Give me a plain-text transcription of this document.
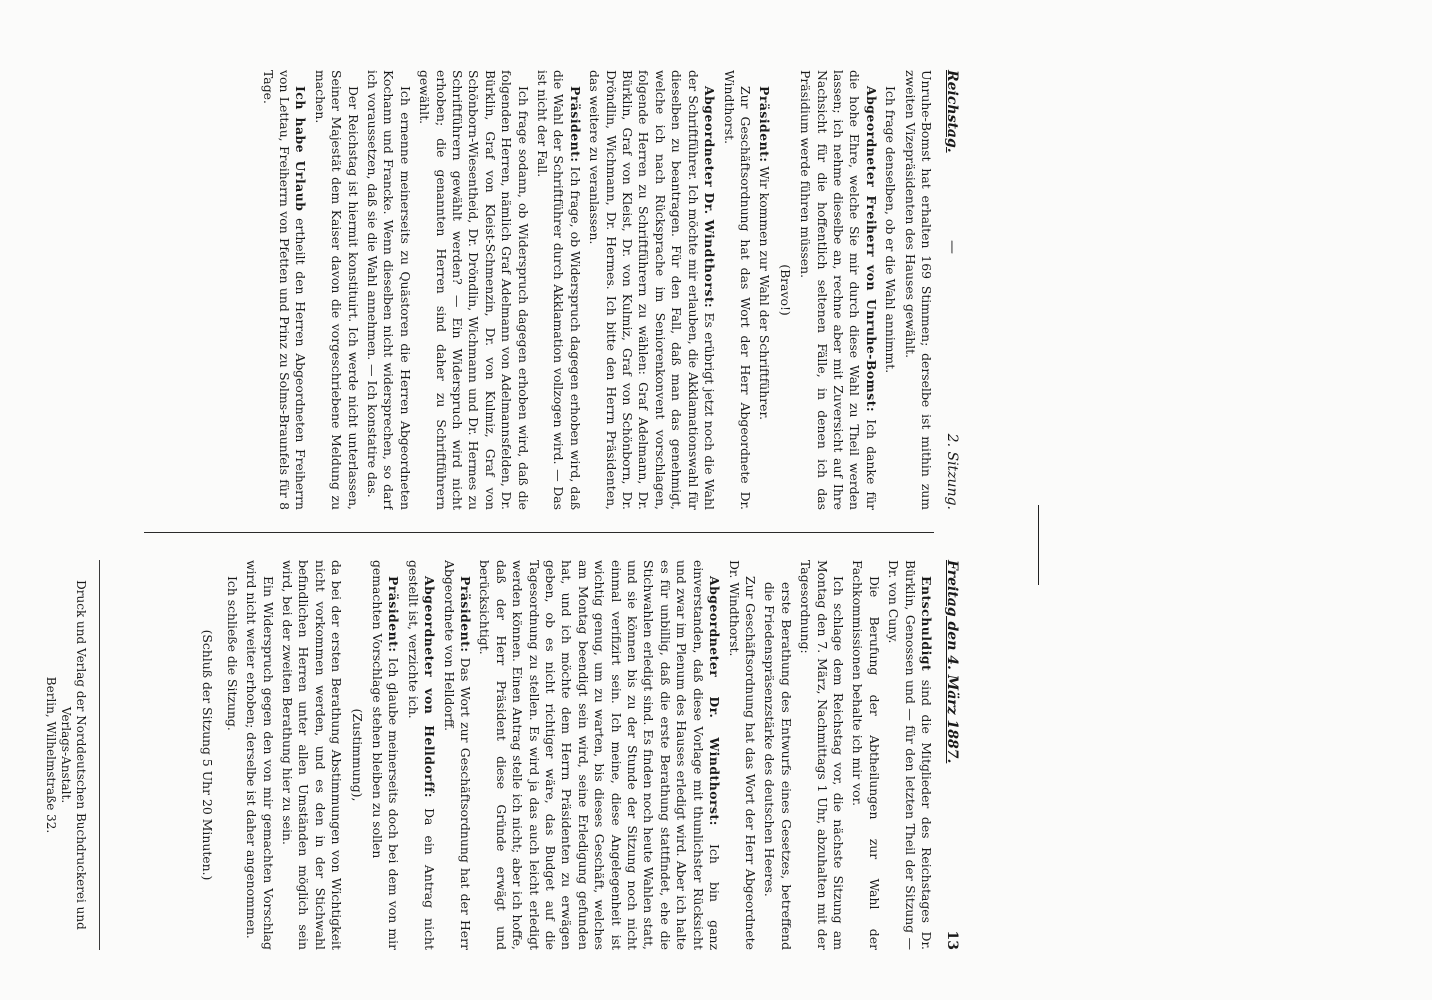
Reichstag.
—
2. Sitzung.
Freitag den 4. März 1887.
13

Unruhe-Bomst hat erhalten 169 Stimmen; derselbe ist mithin zum zweiten Vizepräsidenten des Hauses gewählt.

Ich frage denselben, ob er die Wahl annimmt.

Abgeordneter Freiherr von Unruhe-Bomst: Ich danke für die hohe Ehre, welche Sie mir durch diese Wahl zu Theil werden lassen; ich nehme dieselbe an, rechne aber mit Zuversicht auf Ihre Nachsicht für die hoffentlich seltenen Fälle, in denen ich das Präsidium werde führen müssen.

(Bravo!)

Präsident: Wir kommen zur Wahl der Schriftführer.

Zur Geschäftsordnung hat das Wort der Herr Abgeordnete Dr. Windthorst.

Abgeordneter Dr. Windthorst: Es erübrigt jetzt noch die Wahl der Schriftführer. Ich möchte mir erlauben, die Akklamationswahl für dieselben zu beantragen. Für den Fall, daß man das genehmigt, welche ich nach Rücksprache im Seniorenkonvent vorschlagen, folgende Herren zu Schriftführern zu wählen: Graf Adelmann, Dr. Bürklin, Graf von Kleist, Dr. von Kulmiz, Graf von Schönborn, Dr. Dröndlin, Wichmann, Dr. Hermes. Ich bitte den Herrn Präsidenten, das weitere zu veranlassen.

Präsident: Ich frage, ob Widerspruch dagegen erhoben wird, daß die Wahl der Schriftführer durch Akklamation vollzogen wird. — Das ist nicht der Fall.

Ich frage sodann, ob Widerspruch dagegen erhoben wird, daß die folgenden Herren, nämlich Graf Adelmann von Adelmannsfelden, Dr. Bürklin, Graf von Kleist-Schmenzin, Dr. von Kulmiz, Graf von Schönborn-Wiesentheid, Dr. Dröndlin, Wichmann und Dr. Hermes zu Schriftführern gewählt werden? — Ein Widerspruch wird nicht erhoben; die genannten Herren sind daher zu Schriftführern gewählt.

Ich ernenne meinerseits zu Quästoren die Herren Abgeordneten Kochann und Francke. Wenn dieselben nicht widersprechen, so darf ich voraussetzen, daß sie die Wahl annehmen. — Ich konstatire das.

Der Reichstag ist hiermit konstituirt. Ich werde nicht unterlassen, Seiner Majestät dem Kaiser davon die vorgeschriebene Meldung zu machen.

Ich habe Urlaub ertheilt den Herren Abgeordneten Freiherrn von Lettau, Freiherrn von Pfetten und Prinz zu Solms-Braunfels für 8 Tage.

Entschuldigt sind die Mitglieder des Reichstages Dr. Bürklin, Genossen und — für den letzten Theil der Sitzung — Dr. von Cuny.

Die Berufung der Abtheilungen zur Wahl der Fachkommissionen behalte ich mir vor.

Ich schlage dem Reichstag vor, die nächste Sitzung am Montag den 7. März, Nachmittags 1 Uhr, abzuhalten mit der Tagesordnung:

erste Berathung des Entwurfs eines Gesetzes, betreffend die Friedenspräsenzstärke des deutschen Heeres.

Zur Geschäftsordnung hat das Wort der Herr Abgeordnete Dr. Windthorst.

Abgeordneter Dr. Windthorst: Ich bin ganz einverstanden, daß diese Vorlage mit thunlichster Rücksicht und zwar im Plenum des Hauses erledigt wird. Aber ich halte es für unbillig, daß die erste Berathung stattfindet, ehe die Stichwahlen erledigt sind. Es finden noch heute Wahlen statt, und sie können bis zu der Stunde der Sitzung noch nicht einmal verifizirt sein. Ich meine, diese Angelegenheit ist wichtig genug, um zu warten, bis dieses Geschäft, welches am Montag beendigt sein wird, seine Erledigung gefunden hat, und ich möchte dem Herrn Präsidenten zu erwägen geben, ob es nicht richtiger wäre, das Budget auf die Tagesordnung zu stellen. Es wird ja das auch leicht erledigt werden können. Einen Antrag stelle ich nicht; aber ich hoffe, daß der Herr Präsident diese Gründe erwägt und berücksichtigt.

Präsident: Das Wort zur Geschäftsordnung hat der Herr Abgeordnete von Helldorff.

Abgeordneter von Helldorff: Da ein Antrag nicht gestellt ist, verzichte ich.

Präsident: Ich glaube meinerseits doch bei dem von mir gemachten Vorschlage stehen bleiben zu sollen

(Zustimmung),

da bei der ersten Berathung Abstimmungen von Wichtigkeit nicht vorkommen werden, und es den in der Stichwahl befindlichen Herren unter allen Umständen möglich sein wird, bei der zweiten Berathung hier zu sein.

Ein Widerspruch gegen den von mir gemachten Vorschlag wird nicht weiter erhoben; derselbe ist daher angenommen.

Ich schließe die Sitzung.

(Schluß der Sitzung 5 Uhr 20 Minuten.)

Druck und Verlag der Norddeutschen Buchdruckerei und Verlags-Anstalt.
Berlin, Wilhelmstraße 32.
